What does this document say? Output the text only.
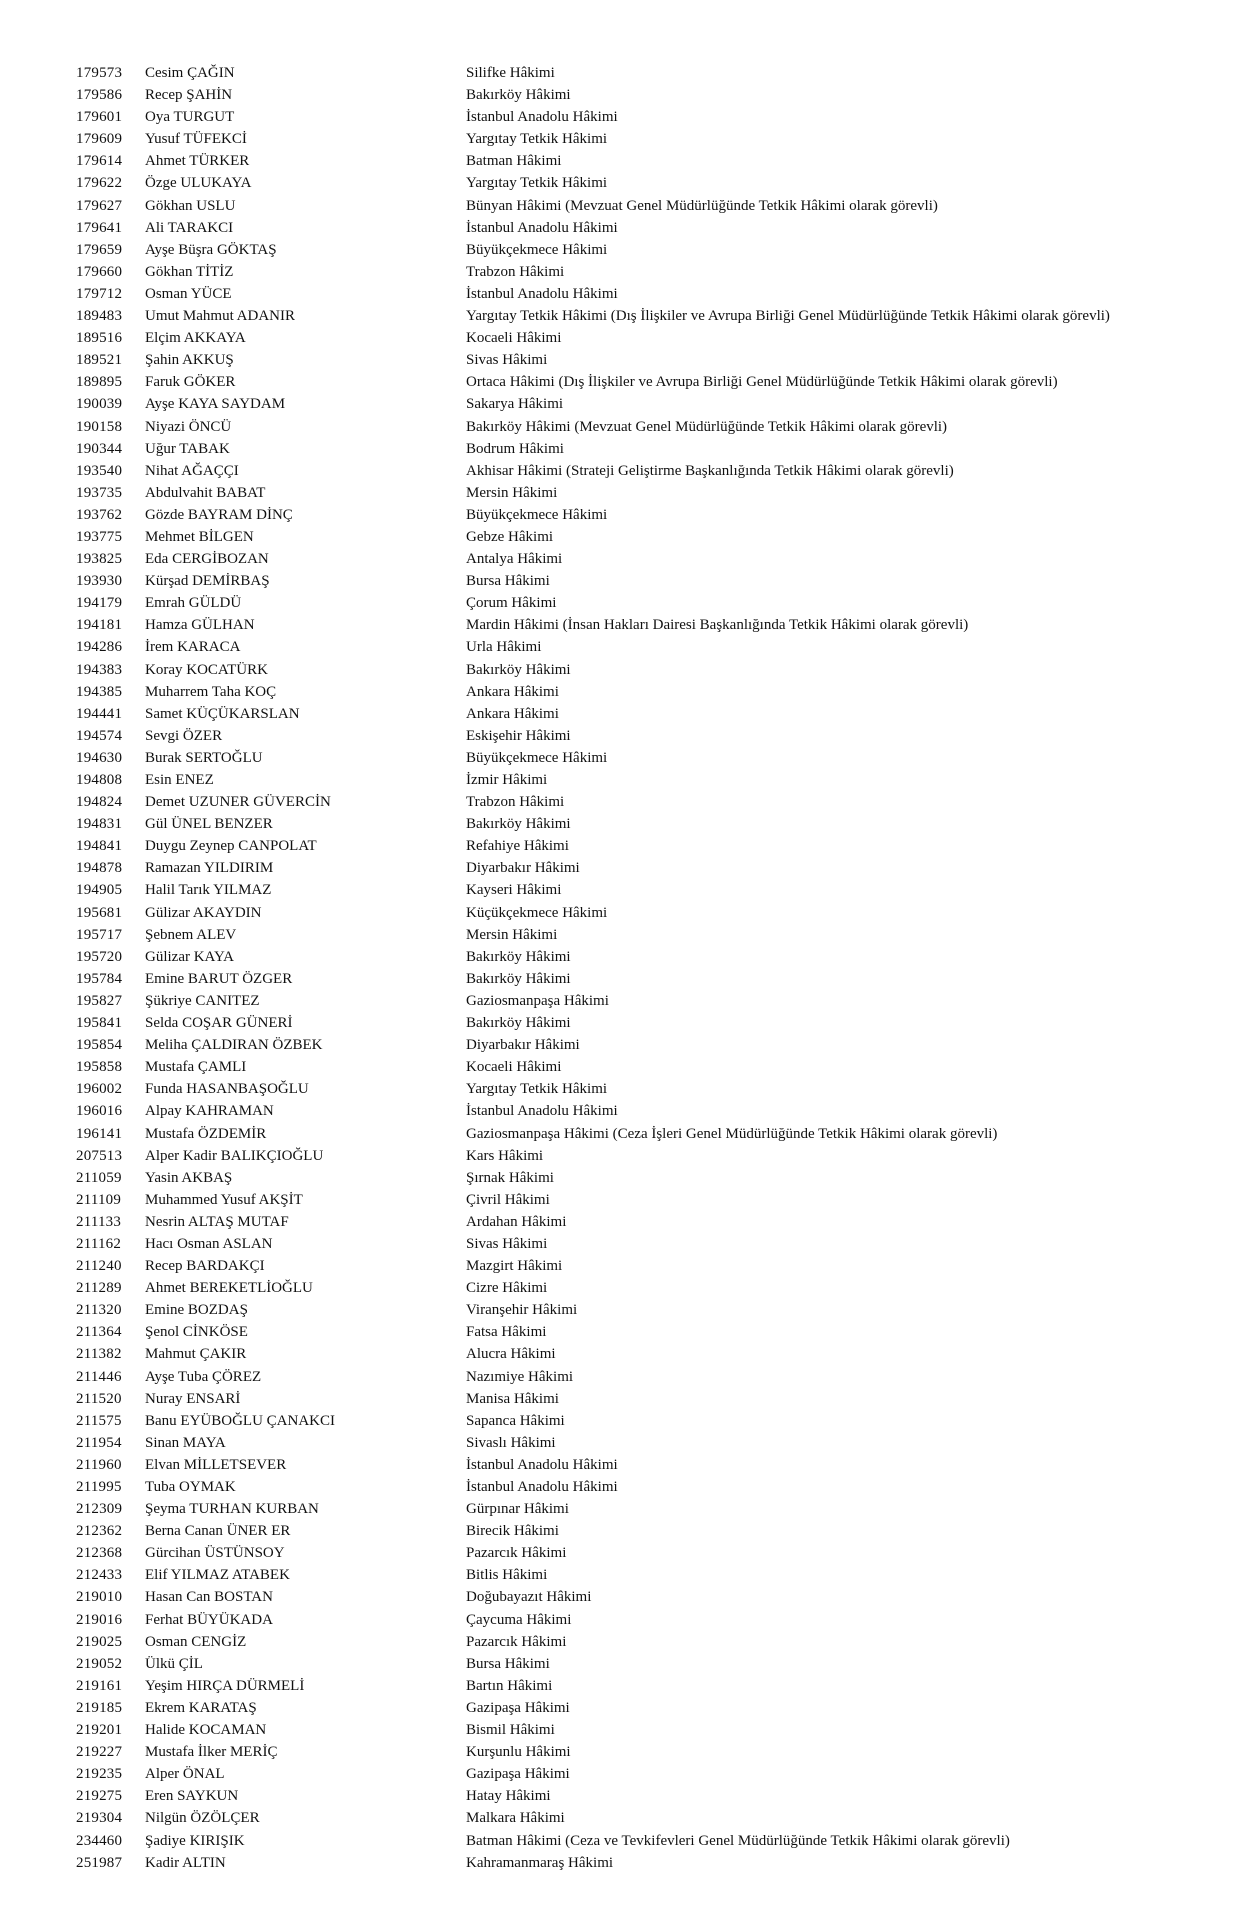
179573 Cesim ÇAĞIN	Silifke Hâkimi
179586 Recep ŞAHİN	Bakırköy Hâkimi
179601 Oya TURGUT	İstanbul Anadolu Hâkimi
179609 Yusuf TÜFEKCİ	Yargıtay Tetkik Hâkimi
179614 Ahmet TÜRKER	Batman Hâkimi
179622 Özge ULUKAYA	Yargıtay Tetkik Hâkimi
179627 Gökhan USLU	Bünyan Hâkimi (Mevzuat Genel Müdürlüğünde Tetkik Hâkimi olarak görevli)
179641 Ali TARAKCI	İstanbul Anadolu Hâkimi
179659 Ayşe Büşra GÖKTAŞ	Büyükçekmece Hâkimi
179660 Gökhan TİTİZ	Trabzon Hâkimi
179712 Osman YÜCE	İstanbul Anadolu Hâkimi
189483 Umut Mahmut ADANIR	Yargıtay Tetkik Hâkimi (Dış İlişkiler ve Avrupa Birliği Genel Müdürlüğünde Tetkik Hâkimi olarak görevli)
189516 Elçim AKKAYA	Kocaeli Hâkimi
189521 Şahin AKKUŞ	Sivas Hâkimi
189895 Faruk GÖKER	Ortaca Hâkimi (Dış İlişkiler ve Avrupa Birliği Genel Müdürlüğünde Tetkik Hâkimi olarak görevli)
190039 Ayşe KAYA SAYDAM	Sakarya Hâkimi
190158 Niyazi ÖNCÜ	Bakırköy Hâkimi (Mevzuat Genel Müdürlüğünde Tetkik Hâkimi olarak görevli)
190344 Uğur TABAK	Bodrum Hâkimi
193540 Nihat AĞAÇÇI	Akhisar Hâkimi (Strateji Geliştirme Başkanlığında Tetkik Hâkimi olarak görevli)
193735 Abdulvahit BABAT	Mersin Hâkimi
193762 Gözde BAYRAM DİNÇ	Büyükçekmece Hâkimi
193775 Mehmet BİLGEN	Gebze Hâkimi
193825 Eda CERGİBOZAN	Antalya Hâkimi
193930 Kürşad DEMİRBAŞ	Bursa Hâkimi
194179 Emrah GÜLDÜ	Çorum Hâkimi
194181 Hamza GÜLHAN	Mardin Hâkimi (İnsan Hakları Dairesi Başkanlığında Tetkik Hâkimi olarak görevli)
194286 İrem KARACA	Urla Hâkimi
194383 Koray KOCATÜRK	Bakırköy Hâkimi
194385 Muharrem Taha KOÇ	Ankara Hâkimi
194441 Samet KÜÇÜKARSLAN	Ankara Hâkimi
194574 Sevgi ÖZER	Eskişehir Hâkimi
194630 Burak SERTOĞLU	Büyükçekmece Hâkimi
194808 Esin ENEZ	İzmir Hâkimi
194824 Demet UZUNER GÜVERCİN	Trabzon Hâkimi
194831 Gül ÜNEL BENZER	Bakırköy Hâkimi
194841 Duygu Zeynep CANPOLAT	Refahiye Hâkimi
194878 Ramazan YILDIRIM	Diyarbakır Hâkimi
194905 Halil Tarık YILMAZ	Kayseri Hâkimi
195681 Gülizar AKAYDIN	Küçükçekmece Hâkimi
195717 Şebnem ALEV	Mersin Hâkimi
195720 Gülizar KAYA	Bakırköy Hâkimi
195784 Emine BARUT ÖZGER	Bakırköy Hâkimi
195827 Şükriye CANITEZ	Gaziosmanpaşa Hâkimi
195841 Selda COŞAR GÜNERİ	Bakırköy Hâkimi
195854 Meliha ÇALDIRAN ÖZBEK	Diyarbakır Hâkimi
195858 Mustafa ÇAMLI	Kocaeli Hâkimi
196002 Funda HASANBAŞOĞLU	Yargıtay Tetkik Hâkimi
196016 Alpay KAHRAMAN	İstanbul Anadolu Hâkimi
196141 Mustafa ÖZDEMİR	Gaziosmanpaşa Hâkimi (Ceza İşleri Genel Müdürlüğünde Tetkik Hâkimi olarak görevli)
207513 Alper Kadir BALIKÇIOĞLU	Kars Hâkimi
211059 Yasin AKBAŞ	Şırnak Hâkimi
211109 Muhammed Yusuf AKŞİT	Çivril Hâkimi
211133 Nesrin ALTAŞ MUTAF	Ardahan Hâkimi
211162 Hacı Osman ASLAN	Sivas Hâkimi
211240 Recep BARDAKÇI	Mazgirt Hâkimi
211289 Ahmet BEREKETLİOĞLU	Cizre Hâkimi
211320 Emine BOZDAŞ	Viranşehir Hâkimi
211364 Şenol CİNKÖSE	Fatsa Hâkimi
211382 Mahmut ÇAKIR	Alucra Hâkimi
211446 Ayşe Tuba ÇÖREZ	Nazımiye Hâkimi
211520 Nuray ENSARİ	Manisa Hâkimi
211575 Banu EYÜBOĞLU ÇANAKCI	Sapanca Hâkimi
211954 Sinan MAYA	Sivaslı Hâkimi
211960 Elvan MİLLETSEVER	İstanbul Anadolu Hâkimi
211995 Tuba OYMAK	İstanbul Anadolu Hâkimi
212309 Şeyma TURHAN KURBAN	Gürpınar Hâkimi
212362 Berna Canan ÜNER ER	Birecik Hâkimi
212368 Gürcihan ÜSTÜNSOY	Pazarcık Hâkimi
212433 Elif YILMAZ ATABEK	Bitlis Hâkimi
219010 Hasan Can BOSTAN	Doğubayazıt Hâkimi
219016 Ferhat BÜYÜKADA	Çaycuma Hâkimi
219025 Osman CENGİZ	Pazarcık Hâkimi
219052 Ülkü ÇİL	Bursa Hâkimi
219161 Yeşim HIRÇA DÜRMELİ	Bartın Hâkimi
219185 Ekrem KARATAŞ	Gazipaşa Hâkimi
219201 Halide KOCAMAN	Bismil Hâkimi
219227 Mustafa İlker MERİÇ	Kurşunlu Hâkimi
219235 Alper ÖNAL	Gazipaşa Hâkimi
219275 Eren SAYKUN	Hatay Hâkimi
219304 Nilgün ÖZÖLÇER	Malkara Hâkimi
234460 Şadiye KIRIŞIK	Batman Hâkimi (Ceza ve Tevkifevleri Genel Müdürlüğünde Tetkik Hâkimi olarak görevli)
251987 Kadir ALTIN	Kahramanmaraş Hâkimi
